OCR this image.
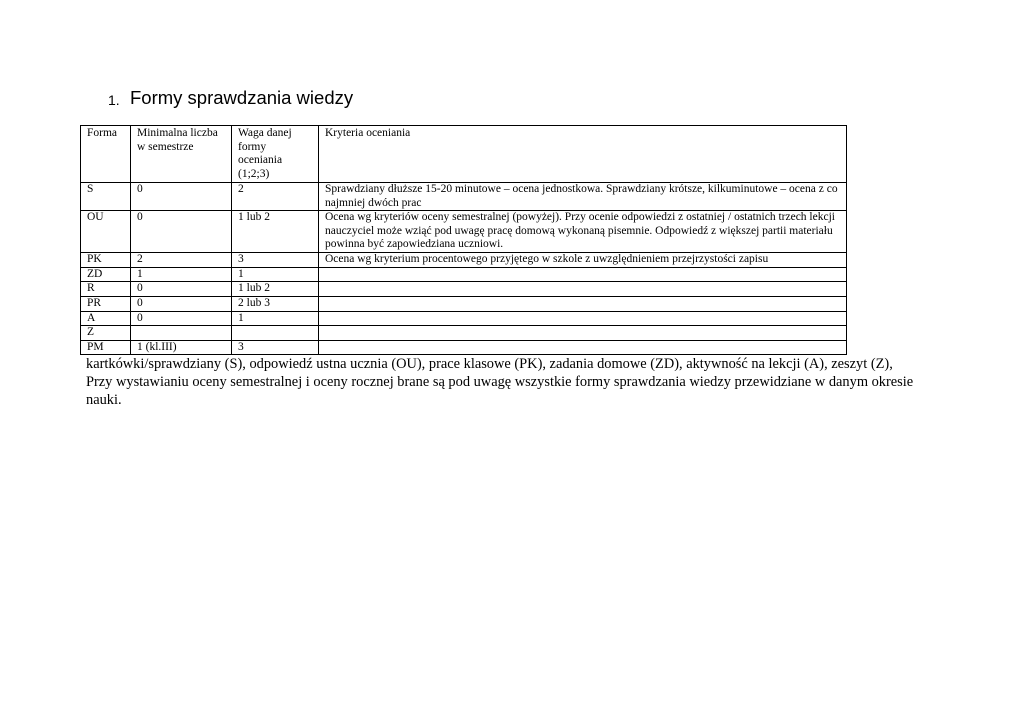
1. Formy sprawdzania wiedzy
Forma	Minimalna liczba w semestrze	Waga danej formy oceniania (1;2;3)	Kryteria oceniania
S	0	2	Sprawdziany dłuższe 15-20 minutowe – ocena jednostkowa. Sprawdziany krótsze, kilkuminutowe – ocena z co najmniej dwóch prac
OU	0	1 lub 2	Ocena wg kryteriów oceny semestralnej (powyżej). Przy ocenie odpowiedzi z ostatniej / ostatnich trzech lekcji nauczyciel może wziąć pod uwagę pracę domową wykonaną pisemnie. Odpowiedź z większej partii materiału powinna być zapowiedziana uczniowi.
PK	2	3	Ocena wg kryterium procentowego przyjętego w szkole z uwzględnieniem przejrzystości zapisu
ZD	1	1	
R	0	1 lub 2	
PR	0	2 lub 3	
A	0	1	
Z			
PM	1 (kl.III)	3	

kartkówki/sprawdziany (S), odpowiedź ustna ucznia (OU), prace klasowe (PK), zadania domowe (ZD), aktywność na lekcji (A), zeszyt (Z),

Przy wystawianiu oceny semestralnej i oceny rocznej brane są pod uwagę wszystkie formy sprawdzania wiedzy przewidziane w danym okresie nauki.
